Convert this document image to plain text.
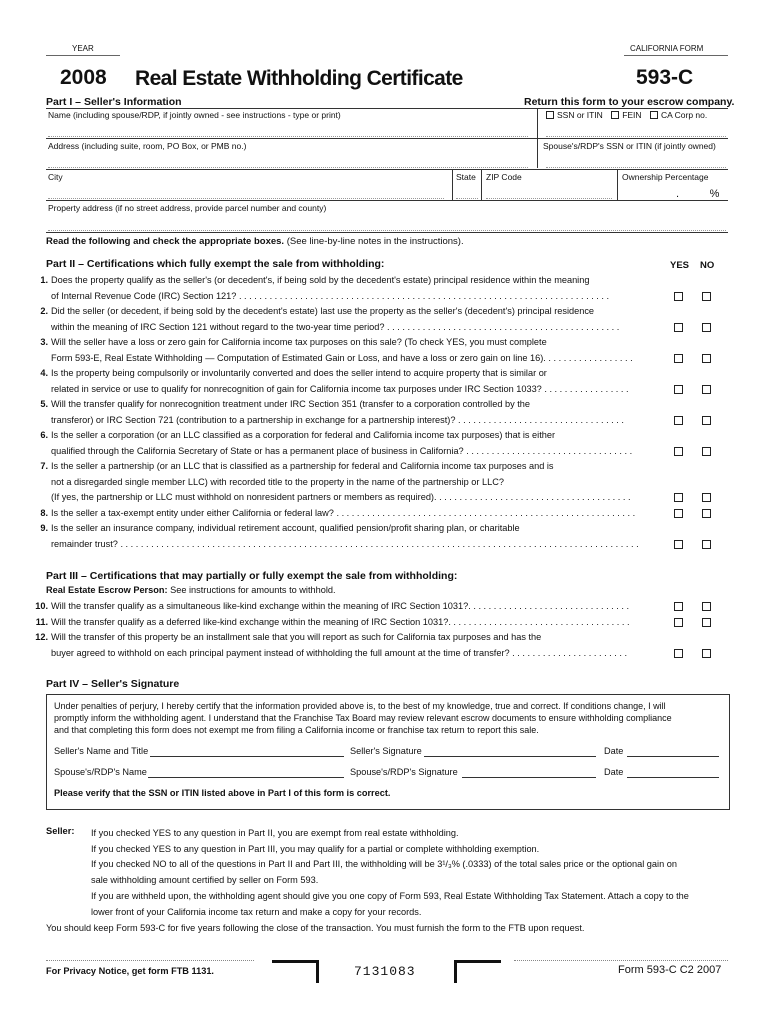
YEAR	CALIFORNIA FORM
2008 Real Estate Withholding Certificate	593-C
Part I – Seller's Information	Return this form to your escrow company.
Name (including spouse/RDP, if jointly owned - see instructions - type or print)	SSN or ITIN FEIN CA Corp no.
Address (including suite, room, PO Box, or PMB no.)	Spouse's/RDP's SSN or ITIN (if jointly owned)
City	State ZIP Code	Ownership Percentage
.          %
Property address (if no street address, provide parcel number and county)
Read the following and check the appropriate boxes. (See line-by-line notes in the instructions).
Part II – Certifications which fully exempt the sale from withholding:	YES NO
1. Does the property qualify as the seller's (or decedent's, if being sold by the decedent's estate) principal residence within the meaning
of Internal Revenue Code (IRC) Section 121? . . . . . . . . . . . . . . . . . . . . . . . . . . . . . . . . . . . . . . . . . . . . . . . . . . . . . . . . . . . . . . . . . . . . . . . . .
2. Did the seller (or decedent, if being sold by the decedent's estate) last use the property as the seller's (decedent's) principal residence
within the meaning of IRC Section 121 without regard to the two-year time period? . . . . . . . . . . . . . . . . . . . . . . . . . . . . . . . . . . . . . . . . . . . . . .
3. Will the seller have a loss or zero gain for California income tax purposes on this sale? (To check YES, you must complete
Form 593-E, Real Estate Withholding — Computation of Estimated Gain or Loss, and have a loss or zero gain on line 16). . . . . . . . . . . . . . . . . .
4. Is the property being compulsorily or involuntarily converted and does the seller intend to acquire property that is similar or
related in service or use to qualify for nonrecognition of gain for California income tax purposes under IRC Section 1033? . . . . . . . . . . . . . . . . .
5. Will the transfer qualify for nonrecognition treatment under IRC Section 351 (transfer to a corporation controlled by the
transferor) or IRC Section 721 (contribution to a partnership in exchange for a partnership interest)? . . . . . . . . . . . . . . . . . . . . . . . . . . . . . . . . .
6. Is the seller a corporation (or an LLC classified as a corporation for federal and California income tax purposes) that is either
qualified through the California Secretary of State or has a permanent place of business in California? . . . . . . . . . . . . . . . . . . . . . . . . . . . . . . . . .
7. Is the seller a partnership (or an LLC that is classified as a partnership for federal and California income tax purposes and is
not a disregarded single member LLC) with recorded title to the property in the name of the partnership or LLC?
(If yes, the partnership or LLC must withhold on nonresident partners or members as required). . . . . . . . . . . . . . . . . . . . . . . . . . . . . . . . . . . . . . .
8. Is the seller a tax-exempt entity under either California or federal law? . . . . . . . . . . . . . . . . . . . . . . . . . . . . . . . . . . . . . . . . . . . . . . . . . . . . . . . . . . .
9. Is the seller an insurance company, individual retirement account, qualified pension/profit sharing plan, or charitable
remainder trust? . . . . . . . . . . . . . . . . . . . . . . . . . . . . . . . . . . . . . . . . . . . . . . . . . . . . . . . . . . . . . . . . . . . . . . . . . . . . . . . . . . . . . . . . . . . . . . . . . . . . . .
Part III – Certifications that may partially or fully exempt the sale from withholding:
Real Estate Escrow Person: See instructions for amounts to withhold.
10. Will the transfer qualify as a simultaneous like-kind exchange within the meaning of IRC Section 1031?. . . . . . . . . . . . . . . . . . . . . . . . . . . . . . . .
11. Will the transfer qualify as a deferred like-kind exchange within the meaning of IRC Section 1031?. . . . . . . . . . . . . . . . . . . . . . . . . . . . . . . . . . . .
12. Will the transfer of this property be an installment sale that you will report as such for California tax purposes and has the
buyer agreed to withhold on each principal payment instead of withholding the full amount at the time of transfer? . . . . . . . . . . . . . . . . . . . . . . .
Part IV – Seller's Signature
Under penalties of perjury, I hereby certify that the information provided above is, to the best of my knowledge, true and correct. If conditions change, I will
promptly inform the withholding agent. I understand that the Franchise Tax Board may review relevant escrow documents to ensure withholding compliance
and that completing this form does not exempt me from filing a California income or franchise tax return to report this sale.
Seller's Name and Title	Seller's Signature	Date
Spouse's/RDP's Name	Spouse's/RDP's Signature	Date
Please verify that the SSN or ITIN listed above in Part I of this form is correct.
Seller: If you checked YES to any question in Part II, you are exempt from real estate withholding.
If you checked YES to any question in Part III, you may qualify for a partial or complete withholding exemption.
If you checked NO to all of the questions in Part II and Part III, the withholding will be 3¹/₃% (.0333) of the total sales price or the optional gain on
sale withholding amount certified by seller on Form 593.
If you are withheld upon, the withholding agent should give you one copy of Form 593, Real Estate Withholding Tax Statement. Attach a copy to the
lower front of your California income tax return and make a copy for your records.
You should keep Form 593-C for five years following the close of the transaction. You must furnish the form to the FTB upon request.
For Privacy Notice, get form FTB 1131.	7131083	Form 593-C C2 2007
